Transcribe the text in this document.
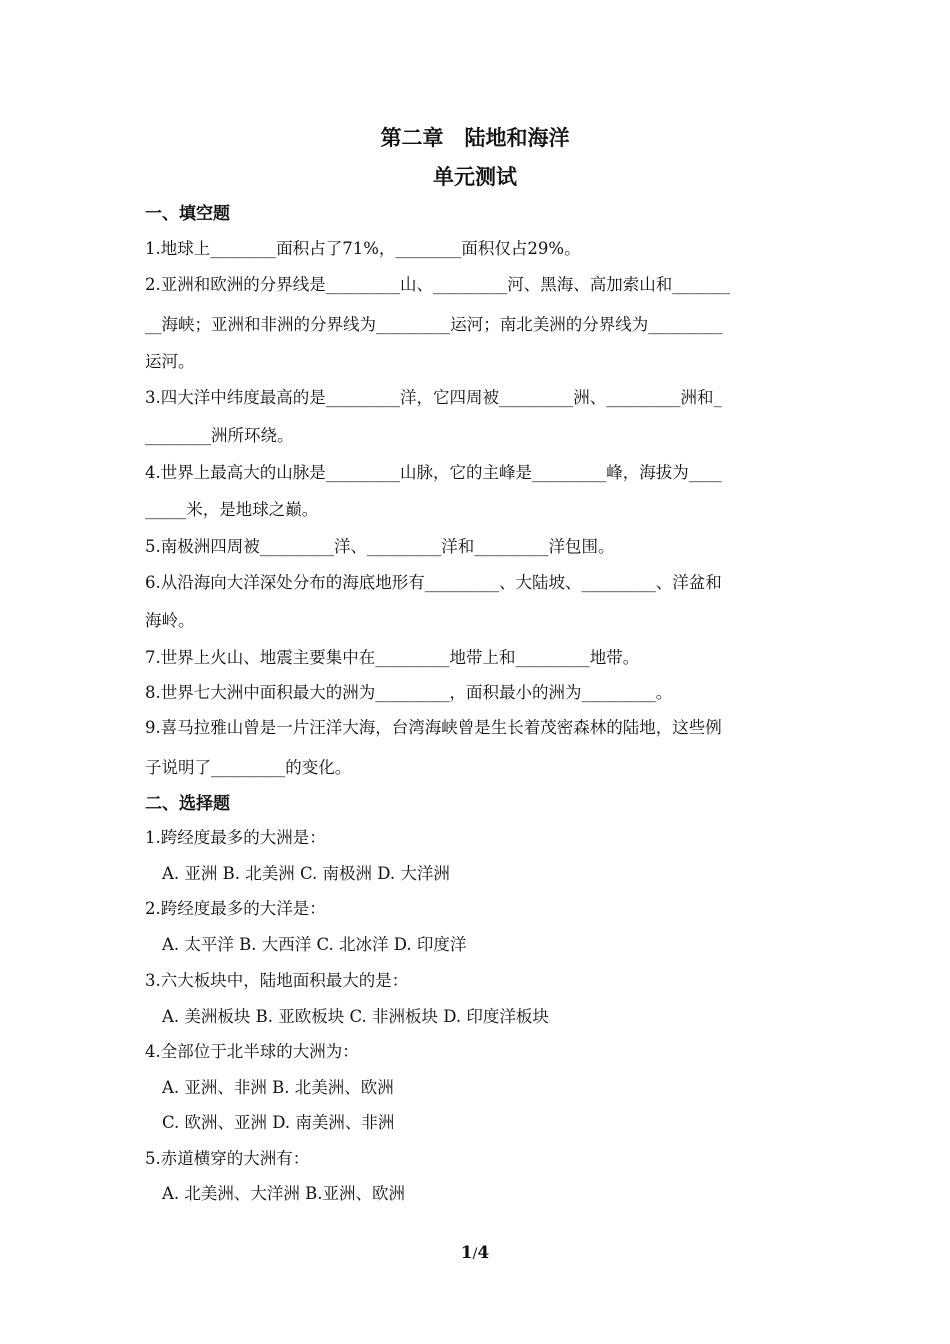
第二章　陆地和海洋
单元测试
一、填空题
1.地球上________面积占了71%，________面积仅占29%。
2.亚洲和欧洲的分界线是_________山、_________河、黑海、高加索山和_______
__海峡；亚洲和非洲的分界线为_________运河；南北美洲的分界线为_________
运河。
3.四大洋中纬度最高的是_________洋，它四周被_________洲、_________洲和_
________洲所环绕。
4.世界上最高大的山脉是_________山脉，它的主峰是_________峰，海拔为____
_____米，是地球之巅。
5.南极洲四周被_________洋、_________洋和_________洋包围。
6.从沿海向大洋深处分布的海底地形有_________、大陆坡、_________、洋盆和
海岭。
7.世界上火山、地震主要集中在_________地带上和_________地带。
8.世界七大洲中面积最大的洲为_________，面积最小的洲为_________。
9.喜马拉雅山曾是一片汪洋大海，台湾海峡曾是生长着茂密森林的陆地，这些例
子说明了_________的变化。
二、选择题
1.跨经度最多的大洲是：
A. 亚洲 B. 北美洲 C. 南极洲 D. 大洋洲
2.跨经度最多的大洋是：
A. 太平洋 B. 大西洋 C. 北冰洋 D. 印度洋
3.六大板块中，陆地面积最大的是：
A. 美洲板块 B. 亚欧板块 C. 非洲板块 D. 印度洋板块
4.全部位于北半球的大洲为：
A. 亚洲、非洲 B. 北美洲、欧洲
C. 欧洲、亚洲 D. 南美洲、非洲
5.赤道横穿的大洲有：
A. 北美洲、大洋洲 B.亚洲、欧洲
1/4
